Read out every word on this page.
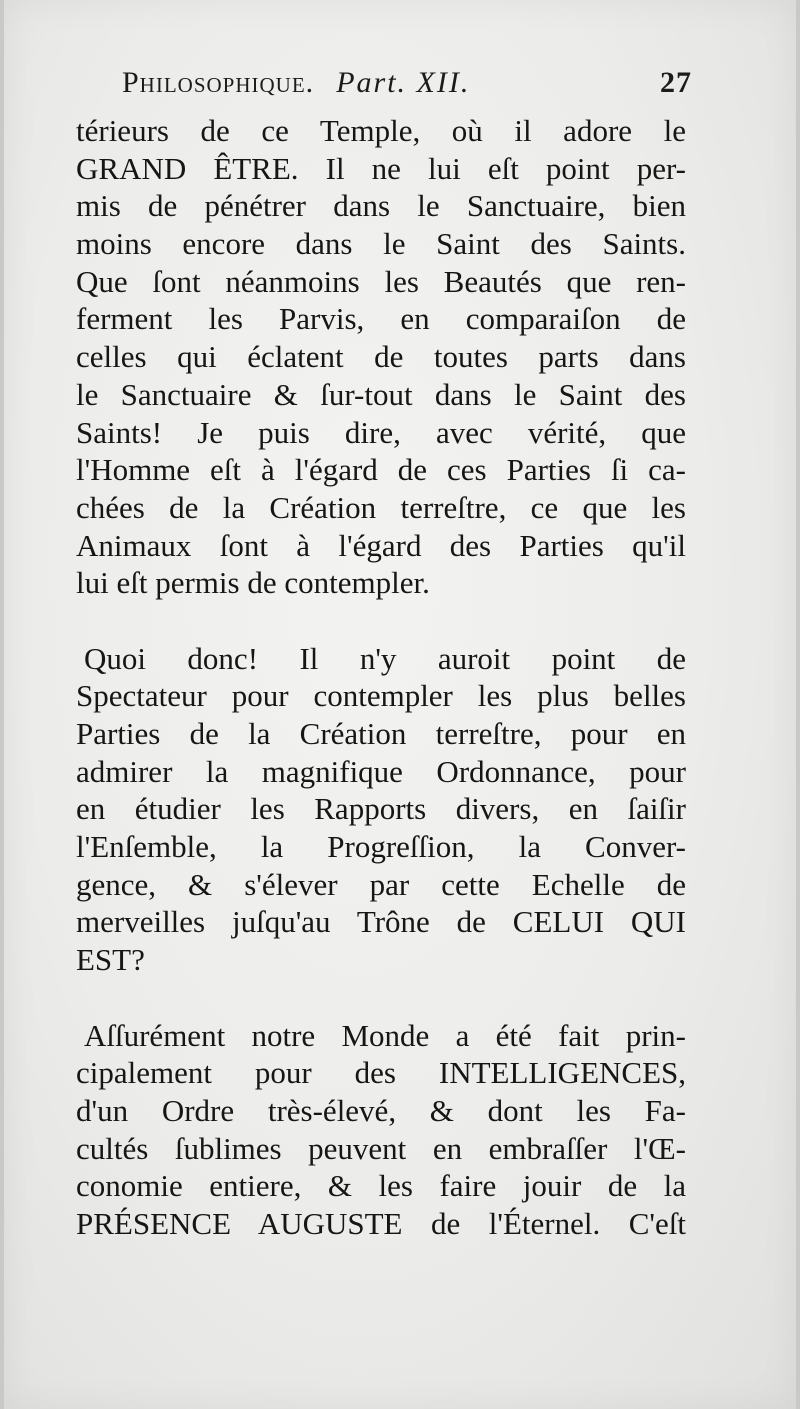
Philosophique. Part. XII.	27
térieurs de ce Temple, où il adore le
GRAND ÊTRE. Il ne lui eſt point per-
mis de pénétrer dans le Sanctuaire, bien
moins encore dans le Saint des Saints.
Que ſont néanmoins les Beautés que ren-
ferment les Parvis, en comparaiſon de
celles qui éclatent de toutes parts dans
le Sanctuaire & ſur-tout dans le Saint des
Saints! Je puis dire, avec vérité, que
l'Homme eſt à l'égard de ces Parties ſi ca-
chées de la Création terreſtre, ce que les
Animaux ſont à l'égard des Parties qu'il
lui eſt permis de contempler.
Quoi donc! Il n'y auroit point de
Spectateur pour contempler les plus belles
Parties de la Création terreſtre, pour en
admirer la magnifique Ordonnance, pour
en étudier les Rapports divers, en ſaiſir
l'Enſemble, la Progreſſion, la Conver-
gence, & s'élever par cette Echelle de
merveilles juſqu'au Trône de CELUI QUI
EST?
Aſſurément notre Monde a été fait prin-
cipalement pour des INTELLIGENCES,
d'un Ordre très-élevé, & dont les Fa-
cultés ſublimes peuvent en embraſſer l'Œ-
conomie entiere, & les faire jouir de la
PRÉSENCE AUGUSTE de l'Éternel. C'eſt
